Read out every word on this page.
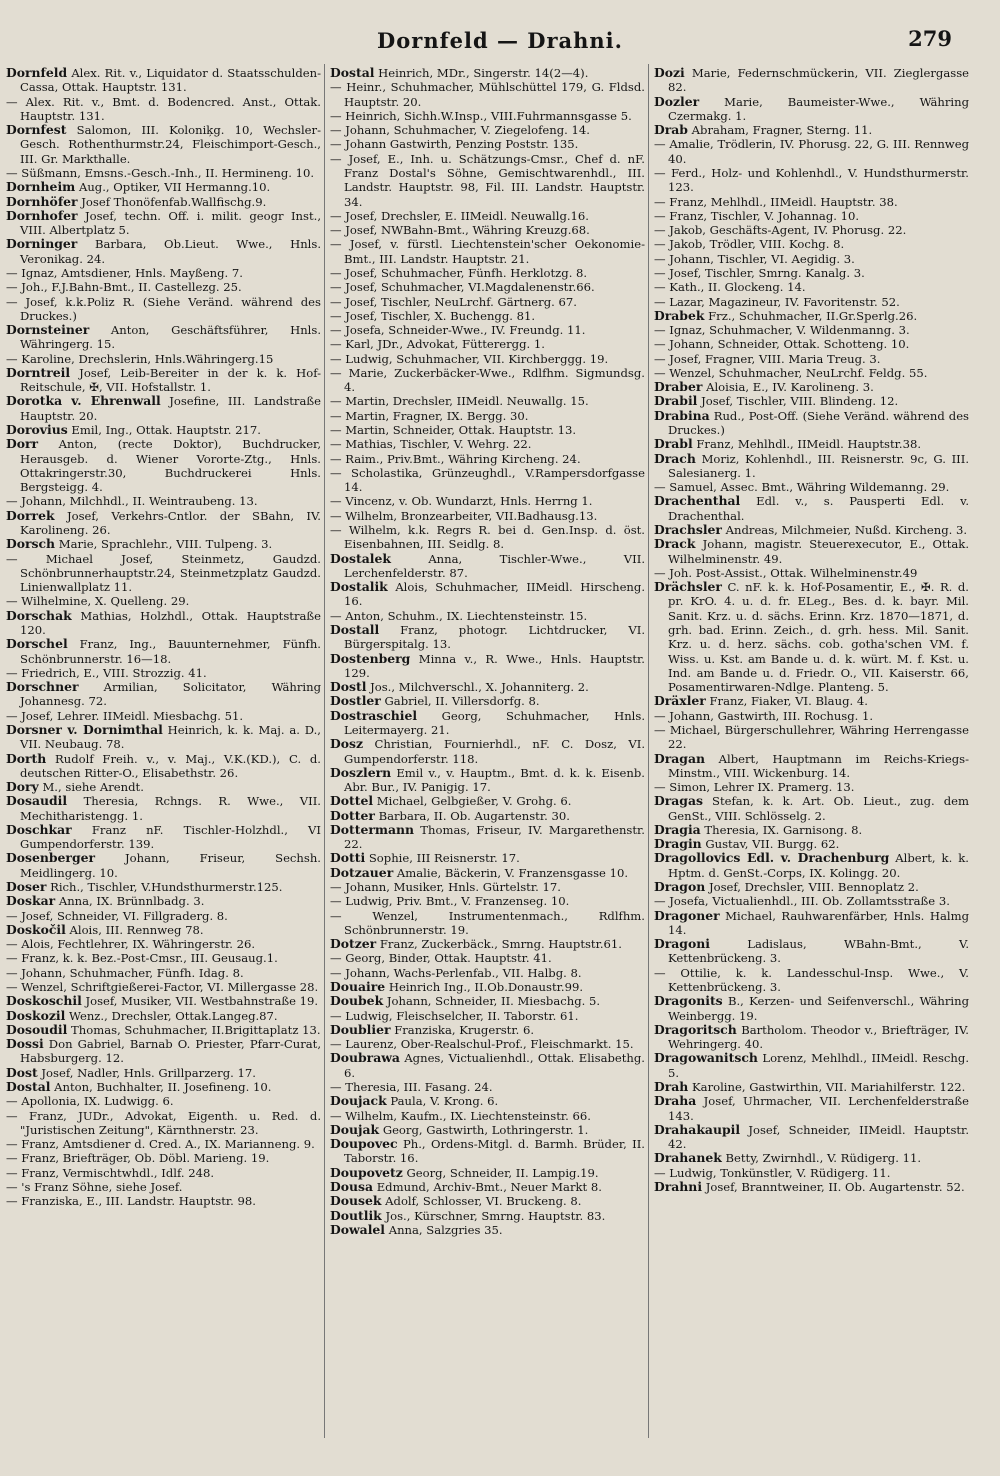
Dornfeld — Drahni.	279
Dornfeld Alex. Rit. v., Liquidator d. Staatsschulden-Cassa, Ottak. Hauptstr. 131.
— Alex. Rit. v., Bmt. d. Bodencred. Anst., Ottak. Hauptstr. 131.
Dornfest Salomon, III. Koloniķg. 10, Wechsler-Gesch. Rothenthurmstr.24, Fleischimport-Gesch., III. Gr. Markthalle.
— Süßmann, Emsns.-Gesch.-Inh., II. Hermineng. 10.
Dornheim Aug., Optiker, VII Hermanng.10.
Dornhöfer Josef Thonöfenfab.Wallfischg.9.
Dornhofer Josef, techn. Off. i. milit. geogr Inst., VIII. Albertplatz 5.
Dorninger Barbara, Ob.Lieut. Wwe., Hnls. Veronikag. 24.
— Ignaz, Amtsdiener, Hnls. Mayßeng. 7.
— Joh., F.J.Bahn-Bmt., II. Castellezg. 25.
— Josef, k.k.Poliz R. (Siehe Veränd. während des Druckes.)
Dornsteiner Anton, Geschäftsführer, Hnls. Währingerg. 15.
— Karoline, Drechslerin, Hnls.Währingerg.15
Dorntreil Josef, Leib-Bereiter in der k. k. Hof-Reitschule, ✠, VII. Hofstallstr. 1.
Dorotka v. Ehrenwall Josefine, III. Landstraße Hauptstr. 20.
Dorovius Emil, Ing., Ottak. Hauptstr. 217.
Dorr Anton, (recte Doktor), Buchdrucker, Herausgeb. d. Wiener Vororte-Ztg., Hnls. Ottakringerstr.30, Buchdruckerei Hnls. Bergsteigg. 4.
— Johann, Milchhdl., II. Weintraubeng. 13.
Dorrek Josef, Verkehrs-Cntlor. der SBahn, IV. Karolineng. 26.
Dorsch Marie, Sprachlehr., VIII. Tulpeng. 3.
— Michael Josef, Steinmetz, Gaudzd. Schönbrunnerhauptstr.24, Steinmetzplatz Gaudzd. Linienwallplatz 11.
— Wilhelmine, X. Quelleng. 29.
Dorschak Mathias, Holzhdl., Ottak. Hauptstraße 120.
Dorschel Franz, Ing., Bauunternehmer, Fünfh. Schönbrunnerstr. 16—18.
— Friedrich, E., VIII. Strozzig. 41.
Dorschner Armilian, Solicitator, Währing Johannesg. 72.
— Josef, Lehrer. IIMeidl. Miesbachg. 51.
Dorsner v. Dornimthal Heinrich, k. k. Maj. a. D., VII. Neubaug. 78.
Dorth Rudolf Freih. v., v. Maj., V.K.(KD.), C. d. deutschen Ritter-O., Elisabethstr. 26.
Dory M., siehe Arendt.
Dosaudil Theresia, Rchngs. R. Wwe., VII. Mechitharistengg. 1.
Doschkar Franz nF. Tischler-Holzhdl., VI Gumpendorferstr. 139.
Dosenberger	Johann, Friseur, Sechsh. Meidlingerg. 10.
Doser Rich., Tischler, V.Hundsthurmerstr.125.
Doskar Anna, IX. Brünnlbadg. 3.
— Josef, Schneider, VI. Fillgraderg. 8.
Doskočil Alois, III. Rennweg 78.
— Alois, Fechtlehrer, IX. Währingerstr. 26.
— Franz, k. k. Bez.-Post-Cmsr., III. Geusaug.1.
— Johann, Schuhmacher, Fünfh. Idag. 8.
— Wenzel, Schriftgießerei-Factor, VI. Millergasse 28.
Doskoschil Josef, Musiker, VII. Westbahnstraße 19.
Doskozil Wenz., Drechsler, Ottak.Langeg.87.
Dosoudil Thomas, Schuhmacher, II.Brigittaplatz 13.
Dossi Don Gabriel, Barnab O. Priester, Pfarr-Curat, Habsburgerg. 12.
Dost Josef, Nadler, Hnls. Grillparzerg. 17.
Dostal Anton, Buchhalter, II. Josefineng. 10.
— Apollonia, IX. Ludwigg. 6.
— Franz, JUDr., Advokat, Eigenth. u. Red. d. "Juristischen Zeitung", Kärnthnerstr. 23.
— Franz, Amtsdiener d. Cred. A., IX. Marianneng. 9.
— Franz, Briefträger, Ob. Döbl. Marieng. 19.
— Franz, Vermischtwhdl., Idlf. 248.
— 's Franz Söhne, siehe Josef.
— Franziska, E., III. Landstr. Hauptstr. 98.
Dostal Heinrich, MDr., Singerstr. 14(2—4).
— Heinr., Schuhmacher, Mühlschüttel 179, G. Fldsd. Hauptstr. 20.
— Heinrich, Sichh.W.Insp., VIII.Fuhrmannsgasse 5.
— Johann, Schuhmacher, V. Ziegelofeng. 14.
— Johann Gastwirth, Penzing Poststr. 135.
— Josef, E., Inh. u. Schätzungs-Cmsr., Chef d. nF. Franz Dostal's Söhne, Gemischtwarenhdl., III. Landstr. Hauptstr. 98, Fil. III. Landstr. Hauptstr. 34.
— Josef, Drechsler, E. IIMeidl. Neuwallg.16.
— Josef, NWBahn-Bmt., Währing Kreuzg.68.
— Josef, v. fürstl. Liechtenstein'scher Oekonomie-Bmt., III. Landstr. Hauptstr. 21.
— Josef, Schuhmacher, Fünfh. Herklotzg. 8.
— Josef, Schuhmacher, VI.Magdalenenstr.66.
— Josef, Tischler, NeuLrchf. Gärtnerg. 67.
— Josef, Tischler, X. Buchengg. 81.
— Josefa, Schneider-Wwe., IV. Freundg. 11.
— Karl, JDr., Advokat, Fütterergg. 1.
— Ludwig, Schuhmacher, VII. Kirchberggg. 19.
— Marie, Zuckerbäcker-Wwe., Rdlfhm. Sigmundsg. 4.
— Martin, Drechsler, IIMeidl. Neuwallg. 15.
— Martin, Fragner, IX. Bergg. 30.
— Martin, Schneider, Ottak. Hauptstr. 13.
— Mathias, Tischler, V. Wehrg. 22.
— Raim., Priv.Bmt., Währing Kircheng. 24.
— Scholastika, Grünzeughdl., V.Rampersdorfgasse 14.
— Vincenz, v. Ob. Wundarzt, Hnls. Herrng 1.
— Wilhelm, Bronzearbeiter, VII.Badhausg.13.
— Wilhelm, k.k. Regrs R. bei d. Gen.Insp. d. öst. Eisenbahnen, III. Seidlg. 8.
Dostalek	Anna, Tischler-Wwe., VII. Lerchenfelderstr. 87.
Dostalik Alois, Schuhmacher, IIMeidl. Hirscheng. 16.
— Anton, Schuhm., IX. Liechtensteinstr. 15.
Dostall Franz, photogr. Lichtdrucker, VI. Bürgerspitalg. 13.
Dostenberg Minna v., R. Wwe., Hnls. Hauptstr. 129.
Dostl Jos., Milchverschl., X. Johanniterg. 2.
Dostler Gabriel, II. Villersdorfg. 8.
Dostraschiel Georg, Schuhmacher, Hnls. Leitermayerg. 21.
Dosz Christian, Fournierhdl., nF. C. Dosz, VI. Gumpendorferstr. 118.
Doszlern Emil v., v. Hauptm., Bmt. d. k. k. Eisenb. Abr. Bur., IV. Panigig. 17.
Dottel Michael, Gelbgießer, V. Grohg. 6.
Dotter Barbara, II. Ob. Augartenstr. 30.
Dottermann Thomas, Friseur, IV. Margarethenstr. 22.
Dotti Sophie, III Reisnerstr. 17.
Dotzauer Amalie, Bäckerin, V. Franzensgasse 10.
— Johann, Musiker, Hnls. Gürtelstr. 17.
— Ludwig, Priv. Bmt., V. Franzenseg. 10.
— Wenzel, Instrumentenmach., Rdlfhm. Schönbrunnerstr. 19.
Dotzer Franz, Zuckerbäck., Smrng. Hauptstr.61.
— Georg, Binder, Ottak. Hauptstr. 41.
— Johann, Wachs-Perlenfab., VII. Halbg. 8.
Douaire Heinrich Ing., II.Ob.Donaustr.99.
Doubek Johann, Schneider, II. Miesbachg. 5.
— Ludwig, Fleischselcher, II. Taborstr. 61.
Doublier Franziska, Krugerstr. 6.
— Laurenz, Ober-Realschul-Prof., Fleischmarkt. 15.
Doubrawa Agnes, Victualienhdl., Ottak. Elisabethg. 6.
— Theresia, III. Fasang. 24.
Doujack Paula, V. Krong. 6.
— Wilhelm, Kaufm., IX. Liechtensteinstr. 66.
Doujak Georg, Gastwirth, Lothringerstr. 1.
Doupovec Ph., Ordens-Mitgl. d. Barmh. Brüder, II. Taborstr. 16.
Doupovetz Georg, Schneider, II. Lampig.19.
Dousa Edmund, Archiv-Bmt., Neuer Markt 8.
Dousek Adolf, Schlosser, VI. Bruckeng. 8.
Doutlik Jos., Kürschner, Smrng. Hauptstr. 83.
Dowalel Anna, Salzgries 35.
Dozi Marie, Federnschmückerin, VII. Zieglergasse 82.
Dozler Marie, Baumeister-Wwe., Währing Czermakg. 1.
Drab Abraham, Fragner, Sterng. 11.
— Amalie, Trödlerin, IV. Phorusg. 22, G. III. Rennweg 40.
— Ferd., Holz- und Kohlenhdl., V. Hundsthurmerstr. 123.
— Franz, Mehlhdl., IIMeidl. Hauptstr. 38.
— Franz, Tischler, V. Johannag. 10.
— Jakob, Geschäfts-Agent, IV. Phorusg. 22.
— Jakob, Trödler, VIII. Kochg. 8.
— Johann, Tischler, VI. Aegidig. 3.
— Josef, Tischler, Smrng. Kanalg. 3.
— Kath., II. Glockeng. 14.
— Lazar, Magazineur, IV. Favoritenstr. 52.
Drabek Frz., Schuhmacher, II.Gr.Sperlg.26.
— Ignaz, Schuhmacher, V. Wildenmanng. 3.
— Johann, Schneider, Ottak. Schotteng. 10.
— Josef, Fragner, VIII. Maria Treug. 3.
— Wenzel, Schuhmacher, NeuLrchf. Feldg. 55.
Draber Aloisia, E., IV. Karolineng. 3.
Drabil Josef, Tischler, VIII. Blindeng. 12.
Drabina Rud., Post-Off. (Siehe Veränd. während des Druckes.)
Drabl Franz, Mehlhdl., IIMeidl. Hauptstr.38.
Drach Moriz, Kohlenhdl., III. Reisnerstr. 9c, G. III. Salesianerg. 1.
— Samuel, Assec. Bmt., Währing Wildemanng. 29.
Drachenthal Edl. v., s. Pausperti Edl. v. Drachenthal.
Drachsler Andreas, Milchmeier, Nußd. Kircheng. 3.
Drack Johann, magistr. Steuerexecutor, E., Ottak. Wilhelminenstr. 49.
— Joh. Post-Assist., Ottak. Wilhelminenstr.49
Drächsler C. nF. k. k. Hof-Posamentir, E., ✠. R. d. pr. KrO. 4. u. d. fr. ELeg., Bes. d. k. bayr. Mil. Sanit. Krz. u. d. sächs. Erinn. Krz. 1870—1871, d. grh. bad. Erinn. Zeich., d. grh. hess. Mil. Sanit. Krz. u. d. herz. sächs. cob. gotha'schen VM. f. Wiss. u. Kst. am Bande u. d. k. würt. M. f. Kst. u. Ind. am Bande u. d. Friedr. O., VII. Kaiserstr. 66, Posamentirwaren-Ndlge. Planteng. 5.
Dräxler Franz, Fiaker, VI. Blaug. 4.
— Johann, Gastwirth, III. Rochusg. 1.
— Michael, Bürgerschullehrer, Währing Herrengasse 22.
Dragan Albert, Hauptmann im Reichs-Kriegs-Minstm., VIII. Wickenburg. 14.
— Simon, Lehrer IX. Pramerg. 13.
Dragas Stefan, k. k. Art. Ob. Lieut., zug. dem GenSt., VIII. Schlösselg. 2.
Dragia Theresia, IX. Garnisong. 8.
Dragin Gustav, VII. Burgg. 62.
Dragollovics Edl. v. Drachenburg Albert, k. k. Hptm. d. GenSt.-Corps, IX. Kolingg. 20.
Dragon Josef, Drechsler, VIII. Bennoplatz 2.
— Josefa, Victualienhdl., III. Ob. Zollamtsstraße 3.
Dragoner Michael, Rauhwarenfärber, Hnls. Halmg 14.
Dragoni	Ladislaus, WBahn-Bmt., V. Kettenbrückeng. 3.
— Ottilie, k. k. Landesschul-Insp. Wwe., V. Kettenbrückeng. 3.
Dragonits B., Kerzen- und Seifenverschl., Währing Weinbergg. 19.
Dragoritsch Bartholom. Theodor v., Briefträger, IV. Wehringerg. 40.
Dragowanitsch Lorenz, Mehlhdl., IIMeidl. Reschg. 5.
Drah Karoline, Gastwirthin, VII. Mariahilferstr. 122.
Draha Josef, Uhrmacher, VII. Lerchenfelderstraße 143.
Drahakaupil Josef, Schneider, IIMeidl. Hauptstr. 42.
Drahanek Betty, Zwirnhdl., V. Rüdigerg. 11.
— Ludwig, Tonkünstler, V. Rüdigerg. 11.
Drahni Josef, Branntweiner, II. Ob. Augartenstr. 52.
